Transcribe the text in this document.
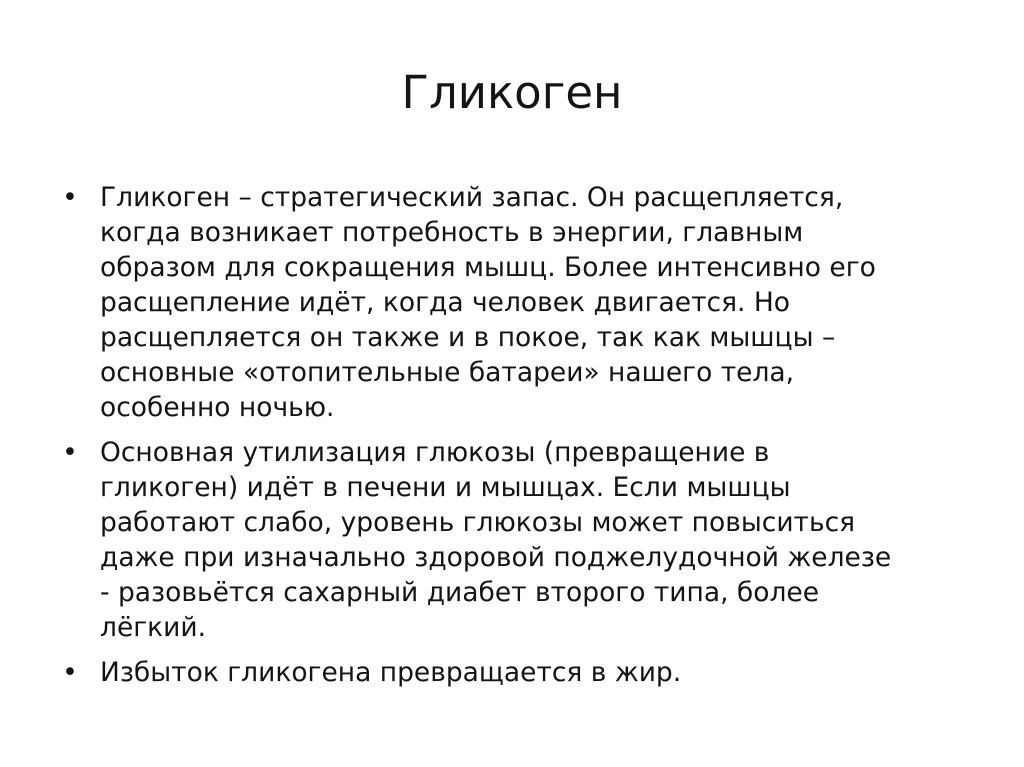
Гликоген
• Гликоген – стратегический запас. Он расщепляется,
когда возникает потребность в энергии, главным
образом для сокращения мышц. Более интенсивно его
расщепление идёт, когда человек двигается. Но
расщепляется он также и в покое, так как мышцы –
основные «отопительные батареи» нашего тела,
особенно ночью.
• Основная утилизация глюкозы (превращение в
гликоген) идёт в печени и мышцах. Если мышцы
работают слабо, уровень глюкозы может повыситься
даже при изначально здоровой поджелудочной железе
- разовьётся сахарный диабет второго типа, более
лёгкий.
• Избыток гликогена превращается в жир.
